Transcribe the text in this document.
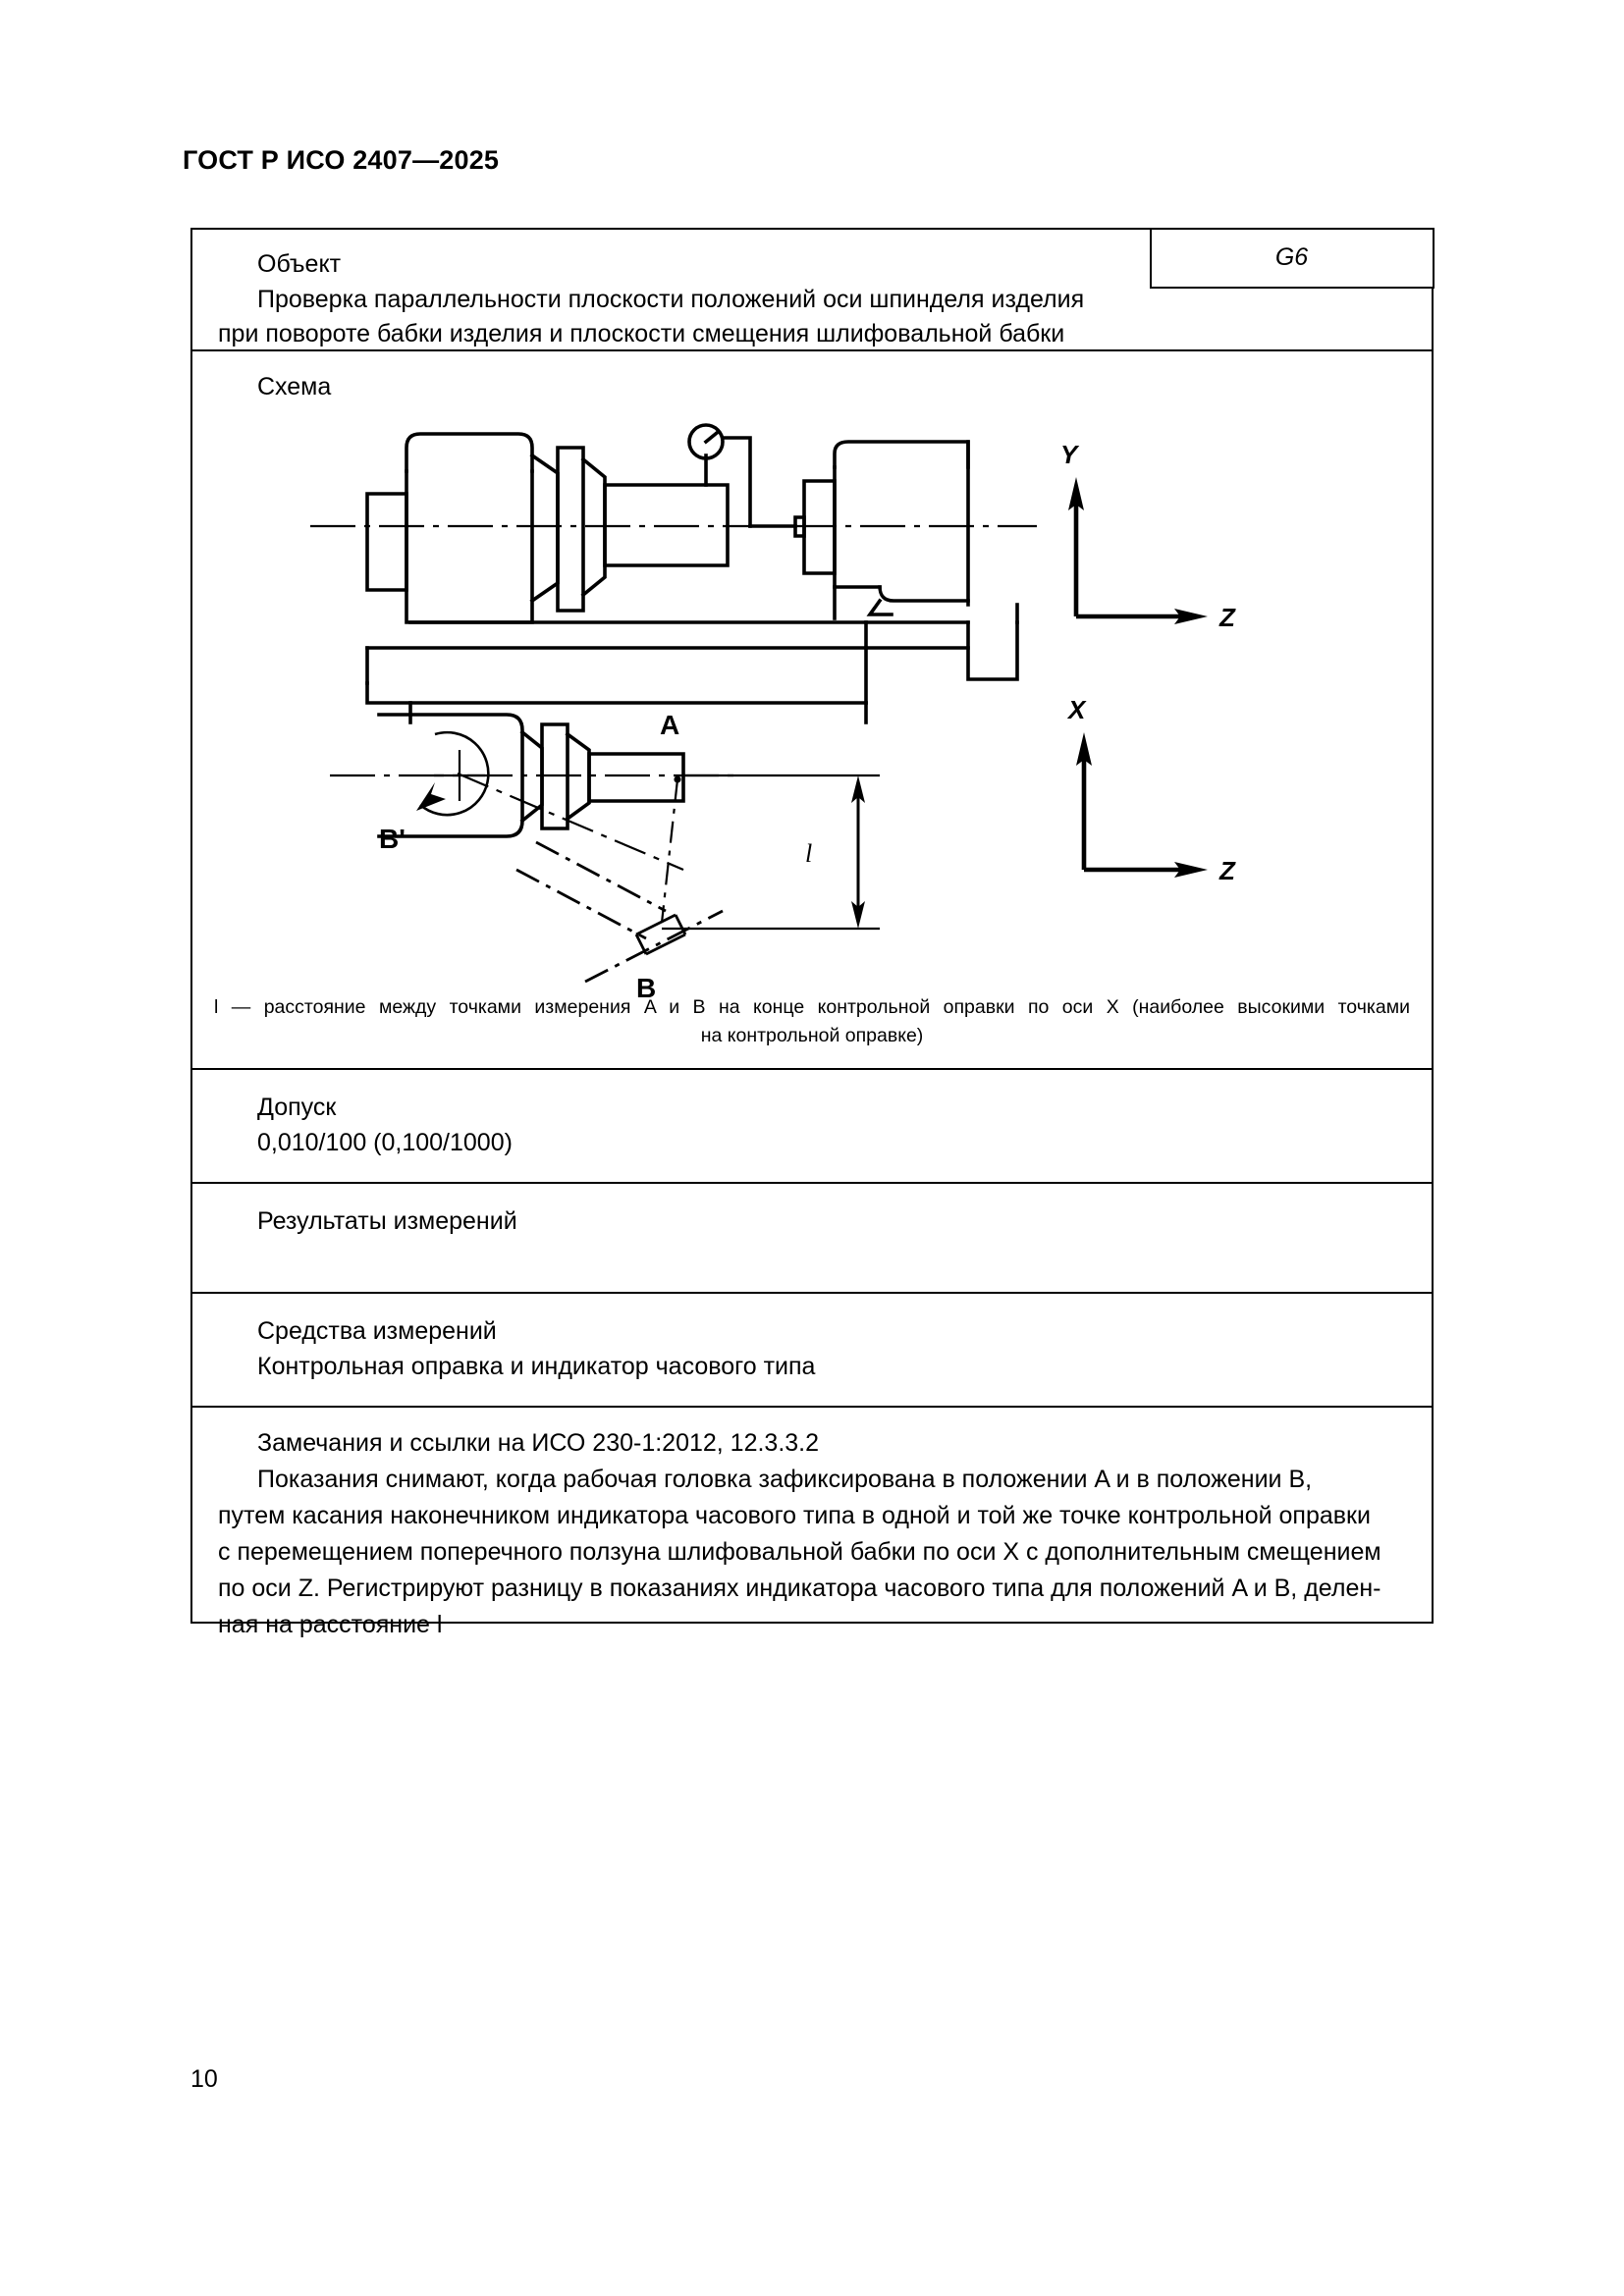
ГОСТ Р ИСО 2407—2025
Объект
Проверка параллельности плоскости положений оси шпинделя изделия
при повороте бабки изделия и плоскости смещения шлифовальной бабки
G6
Схема
Y
Z
A
B'
B
l
X
Z
l — расстояние между точками измерения A и B на конце контрольной оправки по оси X (наиболее высокими точками
на контрольной оправке)
Допуск
0,010/100 (0,100/1000)
Результаты измерений
Средства измерений
Контрольная оправка и индикатор часового типа
Замечания и ссылки на ИСО 230-1:2012, 12.3.3.2
Показания снимают, когда рабочая головка зафиксирована в положении A и в положении B,
путем касания наконечником индикатора часового типа в одной и той же точке контрольной оправки
с перемещением поперечного ползуна шлифовальной бабки по оси X с дополнительным смещением
по оси Z. Регистрируют разницу в показаниях индикатора часового типа для положений A и B, делен-
ная на расстояние l
10
